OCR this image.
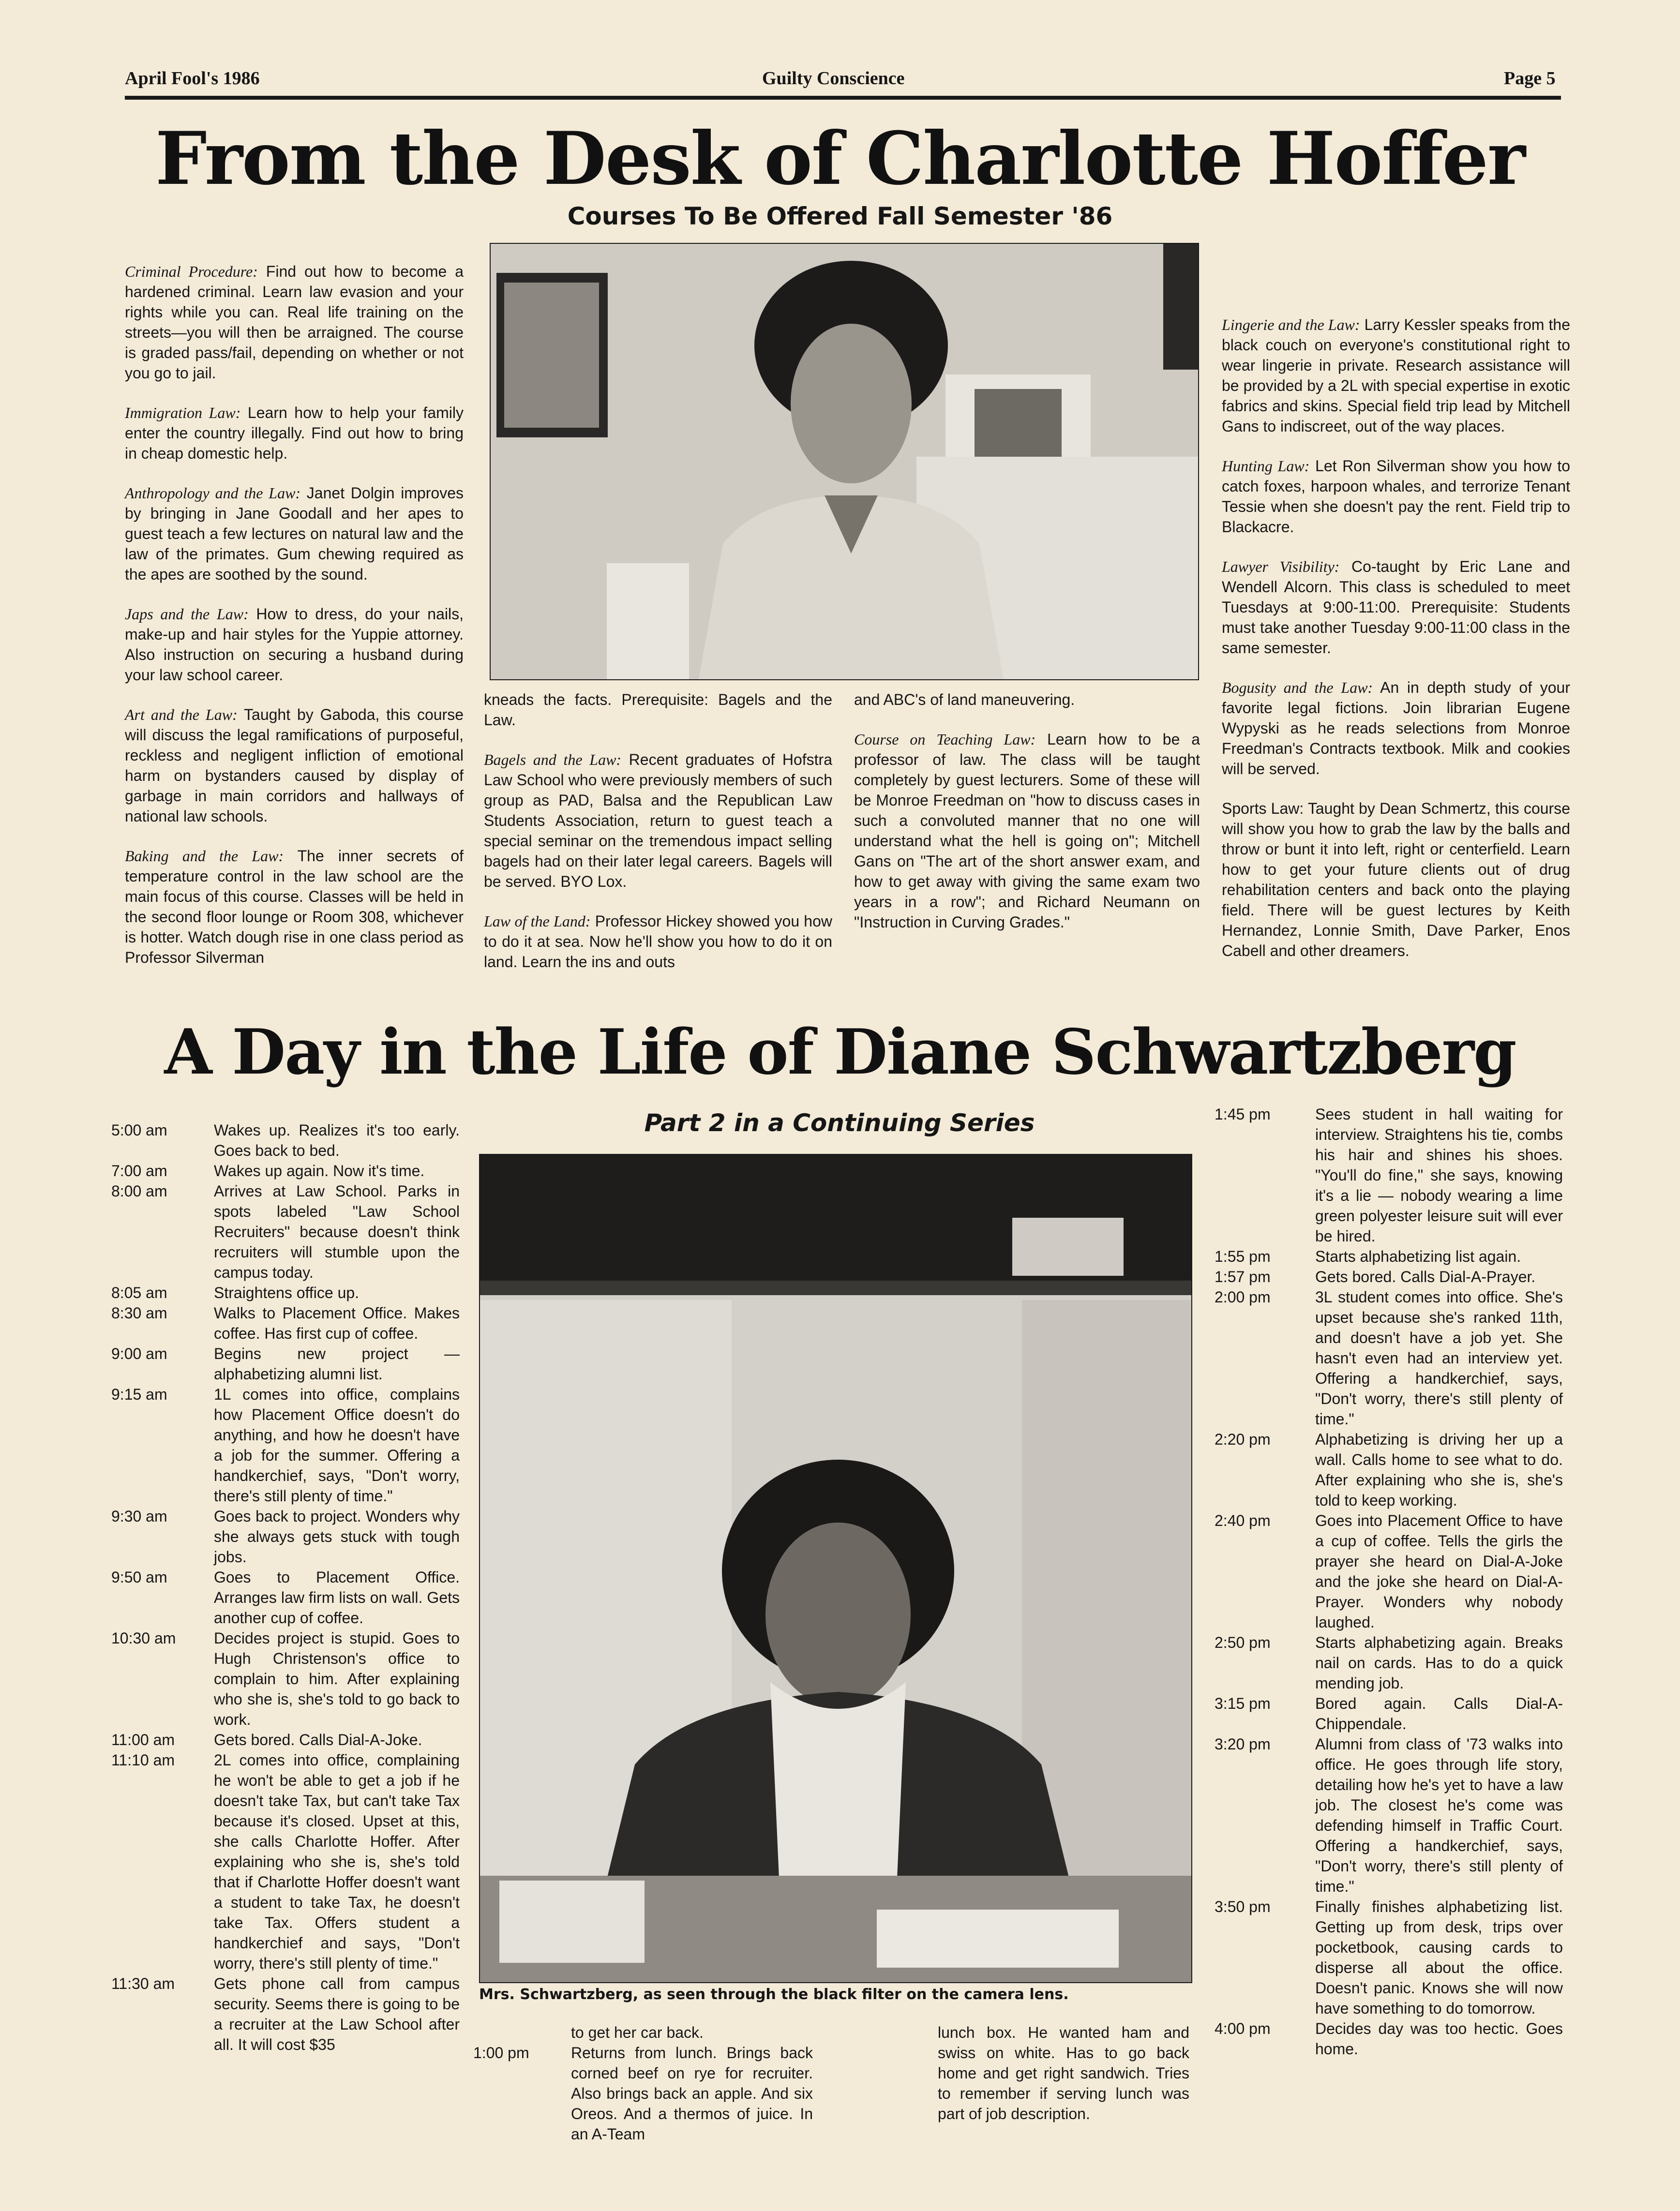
April Fool's 1986	Guilty Conscience	Page 5
From the Desk of Charlotte Hoffer
Courses To Be Offered Fall Semester '86

Criminal Procedure: Find out how to become a hardened criminal. Learn law evasion and your rights while you can. Real life training on the streets—you will then be arraigned. The course is graded pass/fail, depending on whether or not you go to jail.

Immigration Law: Learn how to help your family enter the country illegally. Find out how to bring in cheap domestic help.

Anthropology and the Law: Janet Dolgin improves by bringing in Jane Goodall and her apes to guest teach a few lectures on natural law and the law of the primates. Gum chewing required as the apes are soothed by the sound.

Japs and the Law: How to dress, do your nails, make-up and hair styles for the Yuppie attorney. Also instruction on securing a husband during your law school career.

Art and the Law: Taught by Gaboda, this course will discuss the legal ramifications of purposeful, reckless and negligent infliction of emotional harm on bystanders caused by display of garbage in main corridors and hallways of national law schools.

Baking and the Law: The inner secrets of temperature control in the law school are the main focus of this course. Classes will be held in the second floor lounge or Room 308, whichever is hotter. Watch dough rise in one class period as Professor Silverman

kneads the facts. Prerequisite: Bagels and the Law.

Bagels and the Law: Recent graduates of Hofstra Law School who were previously members of such group as PAD, Balsa and the Republican Law Students Association, return to guest teach a special seminar on the tremendous impact selling bagels had on their later legal careers. Bagels will be served. BYO Lox.

Law of the Land: Professor Hickey showed you how to do it at sea. Now he'll show you how to do it on land. Learn the ins and outs

and ABC's of land maneuvering.

Course on Teaching Law: Learn how to be a professor of law. The class will be taught completely by guest lecturers. Some of these will be Monroe Freedman on "how to discuss cases in such a convoluted manner that no one will understand what the hell is going on"; Mitchell Gans on "The art of the short answer exam, and how to get away with giving the same exam two years in a row"; and Richard Neumann on "Instruction in Curving Grades."

Lingerie and the Law: Larry Kessler speaks from the black couch on everyone's constitutional right to wear lingerie in private. Research assistance will be provided by a 2L with special expertise in exotic fabrics and skins. Special field trip lead by Mitchell Gans to indiscreet, out of the way places.

Hunting Law: Let Ron Silverman show you how to catch foxes, harpoon whales, and terrorize Tenant Tessie when she doesn't pay the rent. Field trip to Blackacre.

Lawyer Visibility: Co-taught by Eric Lane and Wendell Alcorn. This class is scheduled to meet Tuesdays at 9:00-11:00. Prerequisite: Students must take another Tuesday 9:00-11:00 class in the same semester.

Bogusity and the Law: An in depth study of your favorite legal fictions. Join librarian Eugene Wypyski as he reads selections from Monroe Freedman's Contracts textbook. Milk and cookies will be served.

Sports Law: Taught by Dean Schmertz, this course will show you how to grab the law by the balls and throw or bunt it into left, right or centerfield. Learn how to get your future clients out of drug rehabilitation centers and back onto the playing field. There will be guest lectures by Keith Hernandez, Lonnie Smith, Dave Parker, Enos Cabell and other dreamers.

A Day in the Life of Diane Schwartzberg
Part 2 in a Continuing Series
Mrs. Schwartzberg, as seen through the black filter on the camera lens.
5:00 am	Wakes up. Realizes it's too early. Goes back to bed.
7:00 am	Wakes up again. Now it's time.
8:00 am	Arrives at Law School. Parks in spots labeled "Law School Recruiters" because doesn't think recruiters will stumble upon the campus today.
8:05 am	Straightens office up.
8:30 am	Walks to Placement Office. Makes coffee. Has first cup of coffee.
9:00 am	Begins new project — alphabetizing alumni list.
9:15 am	1L comes into office, complains how Placement Office doesn't do anything, and how he doesn't have a job for the summer. Offering a handkerchief, says, "Don't worry, there's still plenty of time."
9:30 am	Goes back to project. Wonders why she always gets stuck with tough jobs.
9:50 am	Goes to Placement Office. Arranges law firm lists on wall. Gets another cup of coffee.
10:30 am	Decides project is stupid. Goes to Hugh Christenson's office to complain to him. After explaining who she is, she's told to go back to work.
11:00 am	Gets bored. Calls Dial-A-Joke.
11:10 am	2L comes into office, complaining he won't be able to get a job if he doesn't take Tax, but can't take Tax because it's closed. Upset at this, she calls Charlotte Hoffer. After explaining who she is, she's told that if Charlotte Hoffer doesn't want a student to take Tax, he doesn't take Tax. Offers student a handkerchief and says, "Don't worry, there's still plenty of time."
11:30 am	Gets phone call from campus security. Seems there is going to be a recruiter at the Law School after all. It will cost $35
to get her car back.
1:00 pm	Returns from lunch. Brings back corned beef on rye for recruiter. Also brings back an apple. And six Oreos. And a thermos of juice. In an A-Team
lunch box. He wanted ham and swiss on white. Has to go back home and get right sandwich. Tries to remember if serving lunch was part of job description.
1:45 pm	Sees student in hall waiting for interview. Straightens his tie, combs his hair and shines his shoes. "You'll do fine," she says, knowing it's a lie — nobody wearing a lime green polyester leisure suit will ever be hired.
1:55 pm	Starts alphabetizing list again.
1:57 pm	Gets bored. Calls Dial-A-Prayer.
2:00 pm	3L student comes into office. She's upset because she's ranked 11th, and doesn't have a job yet. She hasn't even had an interview yet. Offering a handkerchief, says, "Don't worry, there's still plenty of time."
2:20 pm	Alphabetizing is driving her up a wall. Calls home to see what to do. After explaining who she is, she's told to keep working.
2:40 pm	Goes into Placement Office to have a cup of coffee. Tells the girls the prayer she heard on Dial-A-Joke and the joke she heard on Dial-A-Prayer. Wonders why nobody laughed.
2:50 pm	Starts alphabetizing again. Breaks nail on cards. Has to do a quick mending job.
3:15 pm	Bored again. Calls Dial-A-Chippendale.
3:20 pm	Alumni from class of '73 walks into office. He goes through life story, detailing how he's yet to have a law job. The closest he's come was defending himself in Traffic Court. Offering a handkerchief, says, "Don't worry, there's still plenty of time."
3:50 pm	Finally finishes alphabetizing list. Getting up from desk, trips over pocketbook, causing cards to disperse all about the office. Doesn't panic. Knows she will now have something to do tomorrow.
4:00 pm	Decides day was too hectic. Goes home.
